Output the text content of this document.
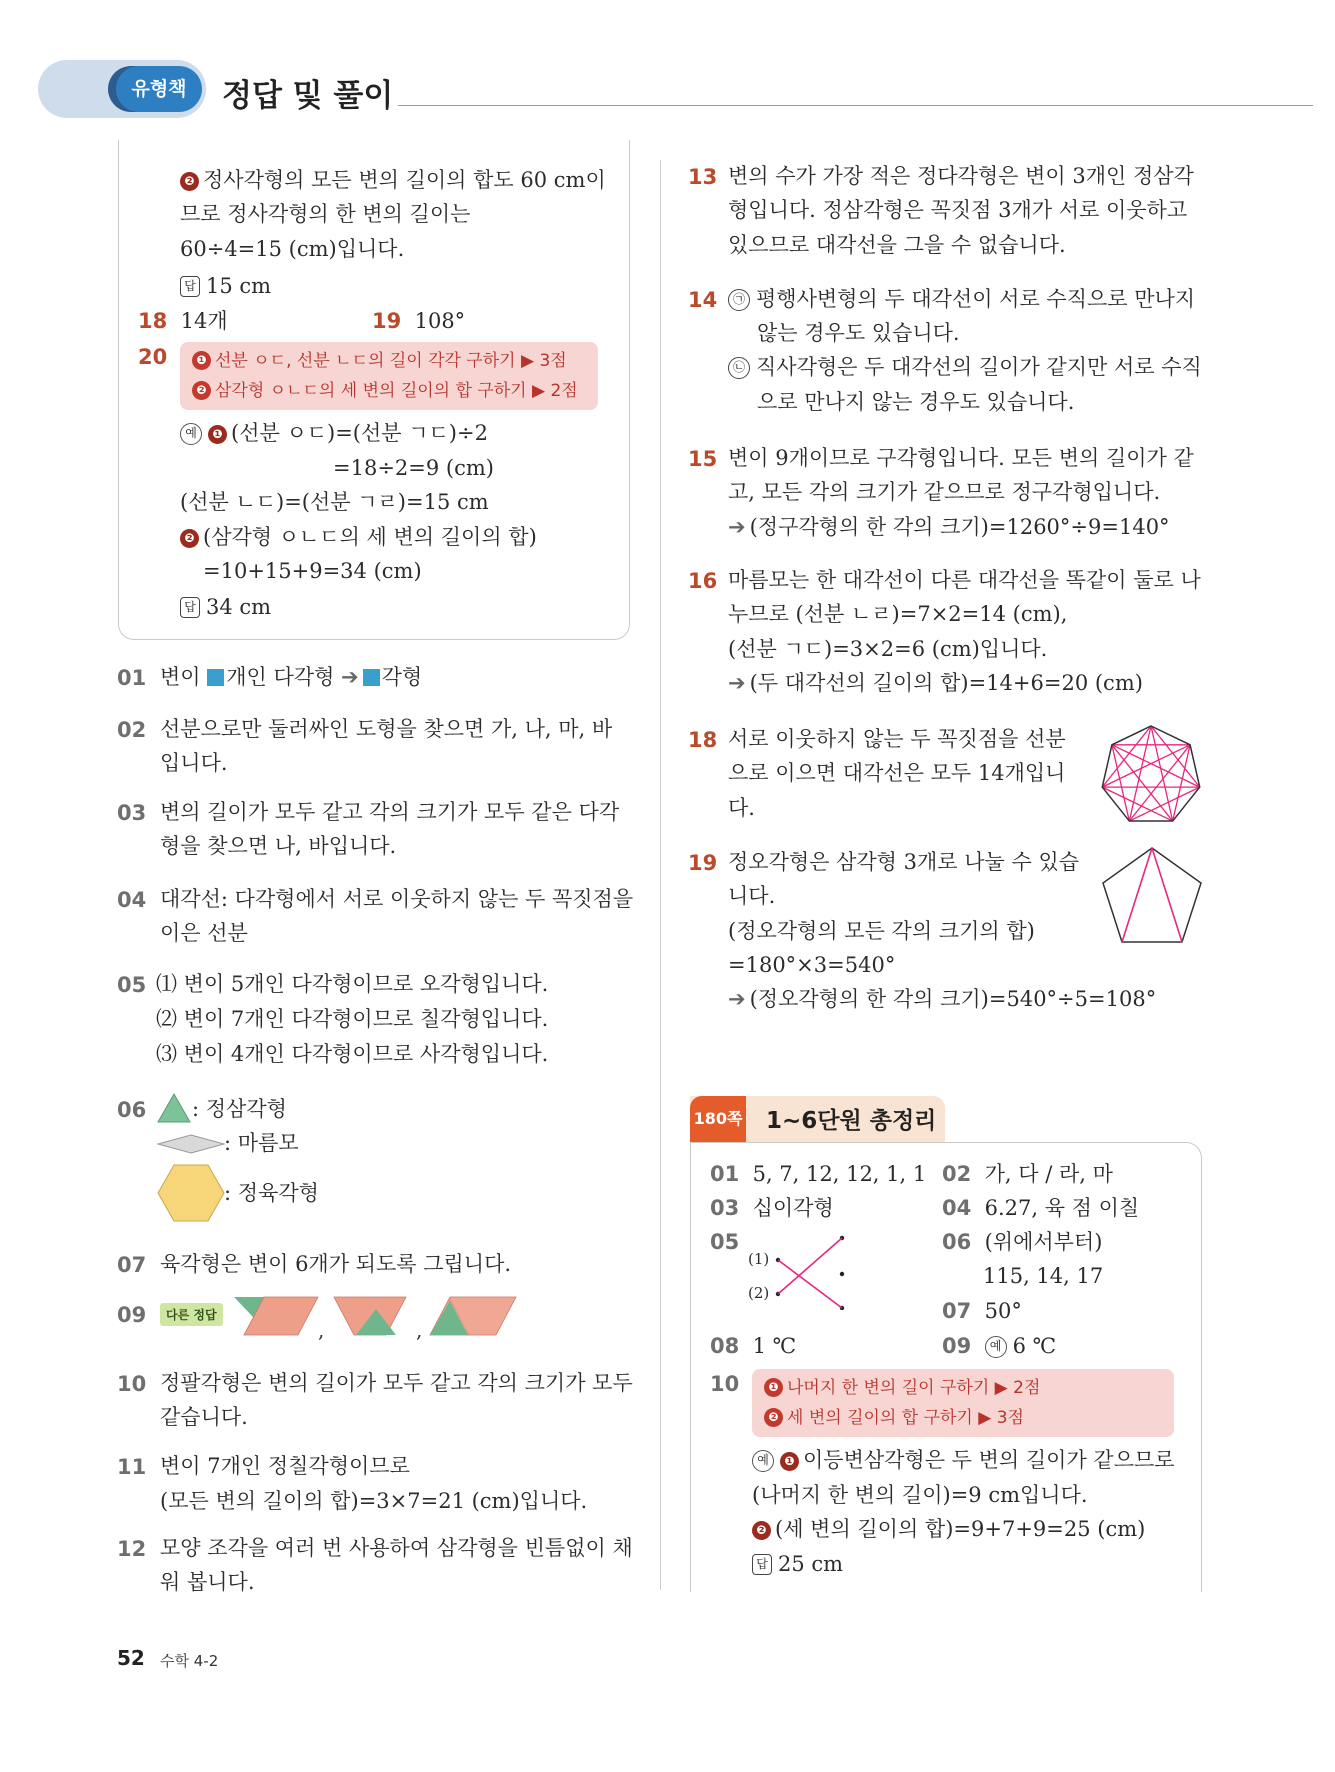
유형책	정답 및 풀이
❷ 정사각형의 모든 변의 길이의 합도 60 cm이
므로 정사각형의 한 변의 길이는
60÷4=15 (cm)입니다.
답 15 cm
18 14개	19 108°
20	❶ 선분 ㅇㄷ, 선분 ㄴㄷ의 길이 각각 구하기 ▶ 3점
❷ 삼각형 ㅇㄴㄷ의 세 변의 길이의 합 구하기 ▶ 2점
예 ❶ (선분 ㅇㄷ)=(선분 ㄱㄷ)÷2
=18÷2=9 (cm)
(선분 ㄴㄷ)=(선분 ㄱㄹ)=15 cm
❷ (삼각형 ㅇㄴㄷ의 세 변의 길이의 합)
=10+15+9=34 (cm)
답 34 cm
01 변이 개인 다각형 ➔ 각형
02 선분으로만 둘러싸인 도형을 찾으면 가, 나, 마, 바
입니다.
03 변의 길이가 모두 같고 각의 크기가 모두 같은 다각
형을 찾으면 나, 바입니다.
04 대각선: 다각형에서 서로 이웃하지 않는 두 꼭짓점을
이은 선분
05 ⑴ 변이 5개인 다각형이므로 오각형입니다.
⑵ 변이 7개인 다각형이므로 칠각형입니다.
⑶ 변이 4개인 다각형이므로 사각형입니다.
06 : 정삼각형
: 마름모
: 정육각형
07 육각형은 변이 6개가 되도록 그립니다.
09	다른 정답
,	,
10 정팔각형은 변의 길이가 모두 같고 각의 크기가 모두
같습니다.
11 변이 7개인 정칠각형이므로
(모든 변의 길이의 합)=3×7=21 (cm)입니다.
12 모양 조각을 여러 번 사용하여 삼각형을 빈틈없이 채
워 봅니다.
13 변의 수가 가장 적은 정다각형은 변이 3개인 정삼각
형입니다. 정삼각형은 꼭짓점 3개가 서로 이웃하고
있으므로 대각선을 그을 수 없습니다.
14	㉠ 평행사변형의 두 대각선이 서로 수직으로 만나지
않는 경우도 있습니다.
㉡ 직사각형은 두 대각선의 길이가 같지만 서로 수직
으로 만나지 않는 경우도 있습니다.
15 변이 9개이므로 구각형입니다. 모든 변의 길이가 같
고, 모든 각의 크기가 같으므로 정구각형입니다.
➔ (정구각형의 한 각의 크기)=1260°÷9=140°
16 마름모는 한 대각선이 다른 대각선을 똑같이 둘로 나
누므로 (선분 ㄴㄹ)=7×2=14 (cm),
(선분 ㄱㄷ)=3×2=6 (cm)입니다.
➔ (두 대각선의 길이의 합)=14+6=20 (cm)
18 서로 이웃하지 않는 두 꼭짓점을 선분
으로 이으면 대각선은 모두 14개입니
다.
19 정오각형은 삼각형 3개로 나눌 수 있습
니다.
(정오각형의 모든 각의 크기의 합)
=180°×3=540°
➔ (정오각형의 한 각의 크기)=540°÷5=108°
180쪽 1~6단원 총정리
01 5, 7, 12, 12, 1, 1 02 가, 다 / 라, 마
03 십이각형	04 6.27, 육 점 이칠
05
(1)
(2)
06 (위에서부터)
115, 14, 17
07 50°
08 1 ℃	09 예 6 ℃
10	❶ 나머지 한 변의 길이 구하기 ▶ 2점
❷ 세 변의 길이의 합 구하기 ▶ 3점
예 ❶ 이등변삼각형은 두 변의 길이가 같으므로
(나머지 한 변의 길이)=9 cm입니다.
❷ (세 변의 길이의 합)=9+7+9=25 (cm)
답 25 cm
52 수학 4-2
